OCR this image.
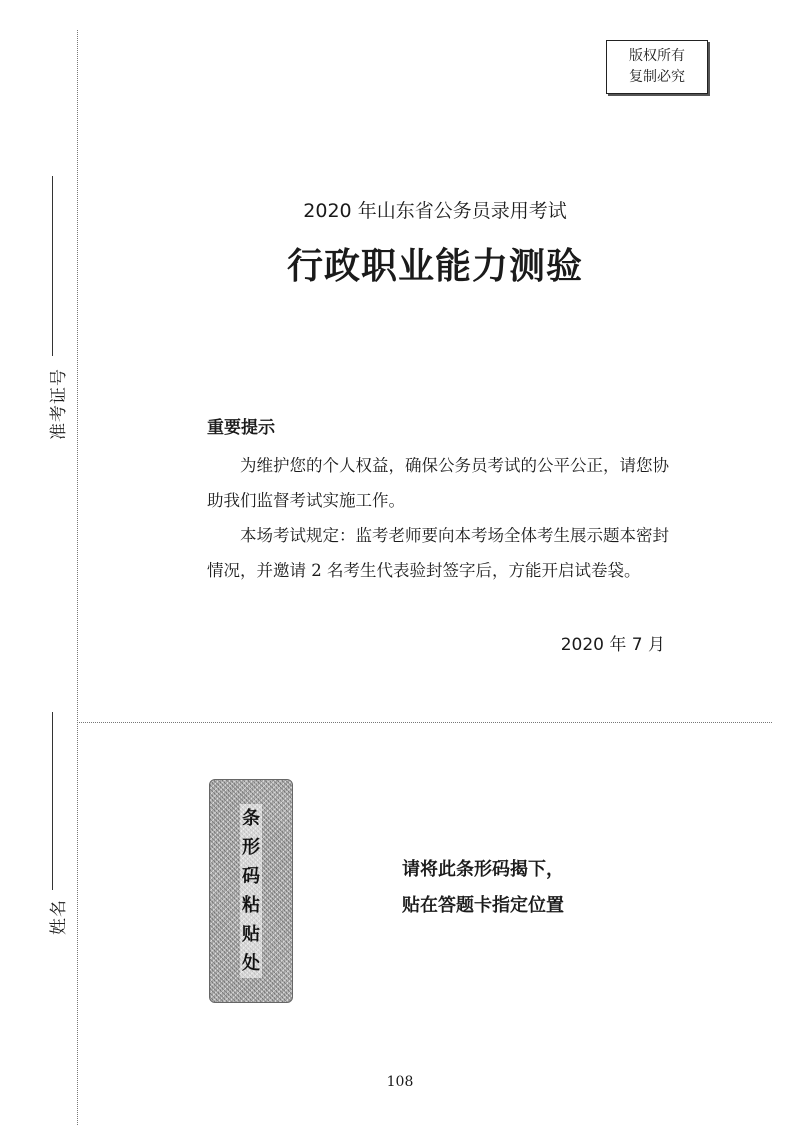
准考证号
姓名
版权所有
复制必究
2020 年山东省公务员录用考试
行政职业能力测验
重要提示

为维护您的个人权益，确保公务员考试的公平公正，请您协助我们监督考试实施工作。

本场考试规定：监考老师要向本考场全体考生展示题本密封情况，并邀请 2 名考生代表验封签字后，方能开启试卷袋。

2020 年 7 月
条
形
码
粘
贴
处
请将此条形码揭下，
贴在答题卡指定位置
108
